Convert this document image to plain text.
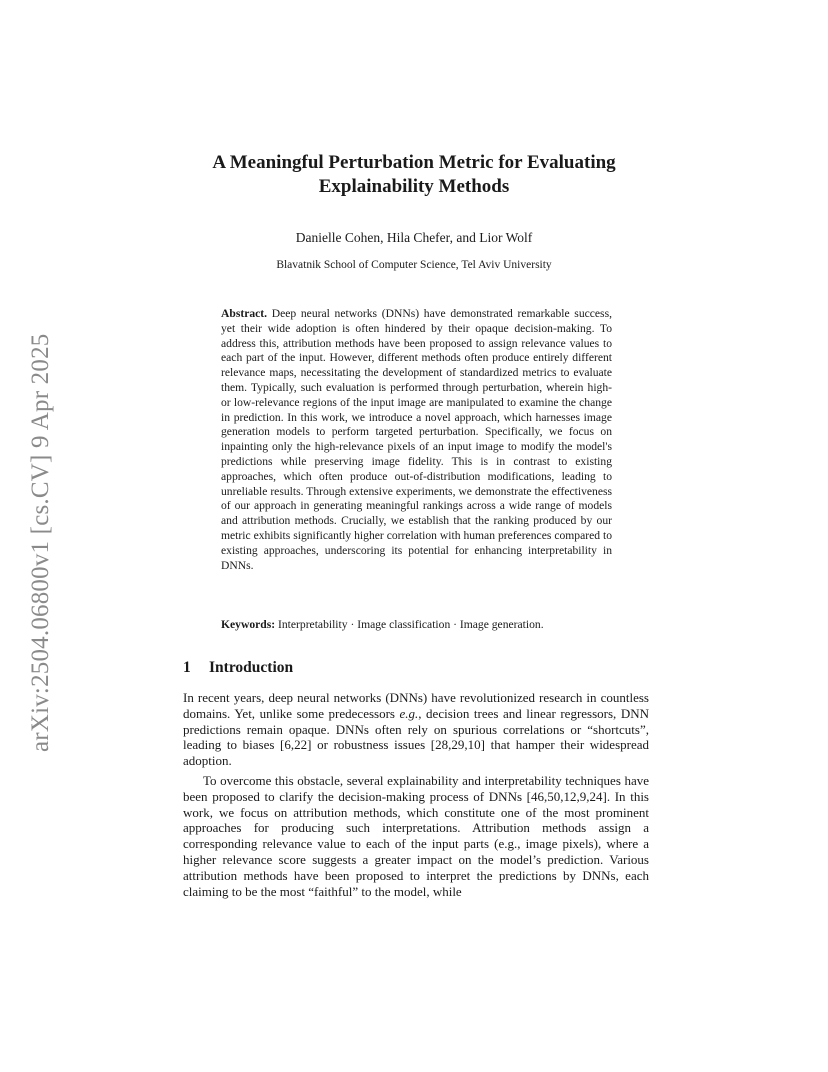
arXiv:2504.06800v1 [cs.CV] 9 Apr 2025
A Meaningful Perturbation Metric for Evaluating
Explainability Methods
Danielle Cohen, Hila Chefer, and Lior Wolf
Blavatnik School of Computer Science, Tel Aviv University

Abstract. Deep neural networks (DNNs) have demonstrated remarkable success, yet their wide adoption is often hindered by their opaque decision-making. To address this, attribution methods have been proposed to assign relevance values to each part of the input. However, different methods often produce entirely different relevance maps, necessitating the development of standardized metrics to evaluate them. Typically, such evaluation is performed through perturbation, wherein high- or low-relevance regions of the input image are manipulated to examine the change in prediction. In this work, we introduce a novel approach, which harnesses image generation models to perform targeted perturbation. Specifically, we focus on inpainting only the high-relevance pixels of an input image to modify the model's predictions while preserving image fidelity. This is in contrast to existing approaches, which often produce out-of-distribution modifications, leading to unreliable results. Through extensive experiments, we demonstrate the effectiveness of our approach in generating meaningful rankings across a wide range of models and attribution methods. Crucially, we establish that the ranking produced by our metric exhibits significantly higher correlation with human preferences compared to existing approaches, underscoring its potential for enhancing interpretability in DNNs.

Keywords: Interpretability · Image classification · Image generation.

1 Introduction

In recent years, deep neural networks (DNNs) have revolutionized research in countless domains. Yet, unlike some predecessors e.g., decision trees and linear regressors, DNN predictions remain opaque. DNNs often rely on spurious correlations or “shortcuts”, leading to biases [6,22] or robustness issues [28,29,10] that hamper their widespread adoption.

To overcome this obstacle, several explainability and interpretability techniques have been proposed to clarify the decision-making process of DNNs [46,50,12,9,24]. In this work, we focus on attribution methods, which constitute one of the most prominent approaches for producing such interpretations. Attribution methods assign a corresponding relevance value to each of the input parts (e.g., image pixels), where a higher relevance score suggests a greater impact on the model’s prediction. Various attribution methods have been proposed to interpret the predictions by DNNs, each claiming to be the most “faithful” to the model, while
